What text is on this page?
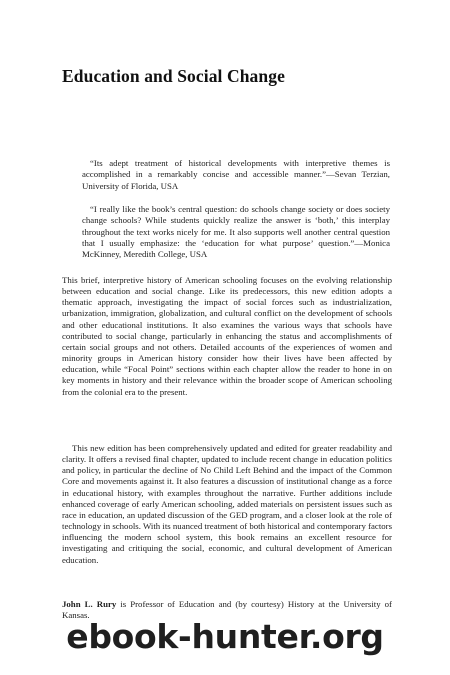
Education and Social Change

“Its adept treatment of historical developments with interpretive themes is accomplished in a remarkably concise and accessible manner.”—Sevan Terzian, University of Florida, USA

“I really like the book’s central question: do schools change society or does society change schools? While students quickly realize the answer is ‘both,’ this interplay throughout the text works nicely for me. It also supports well another central question that I usually emphasize: the ‘education for what purpose’ question.”—Monica McKinney, Meredith College, USA

This brief, interpretive history of American schooling focuses on the evolving relationship between education and social change. Like its predecessors, this new edition adopts a thematic approach, investigating the impact of social forces such as industrialization, urbanization, immigration, globalization, and cultural conflict on the development of schools and other educational institutions. It also examines the various ways that schools have contributed to social change, particularly in enhancing the status and accomplishments of certain social groups and not others. Detailed accounts of the experiences of women and minority groups in American history consider how their lives have been affected by education, while “Focal Point” sections within each chapter allow the reader to hone in on key moments in history and their relevance within the broader scope of American schooling from the colonial era to the present.

This new edition has been comprehensively updated and edited for greater readability and clarity. It offers a revised final chapter, updated to include recent change in education politics and policy, in particular the decline of No Child Left Behind and the impact of the Common Core and movements against it. It also features a discussion of institutional change as a force in educational history, with examples throughout the narrative. Further additions include enhanced coverage of early American schooling, added materials on persistent issues such as race in education, an updated discussion of the GED program, and a closer look at the role of technology in schools. With its nuanced treatment of both historical and contemporary factors influencing the modern school system, this book remains an excellent resource for investigating and critiquing the social, economic, and cultural development of American education.

John L. Rury is Professor of Education and (by courtesy) History at the University of Kansas.

ebook-hunter.org
